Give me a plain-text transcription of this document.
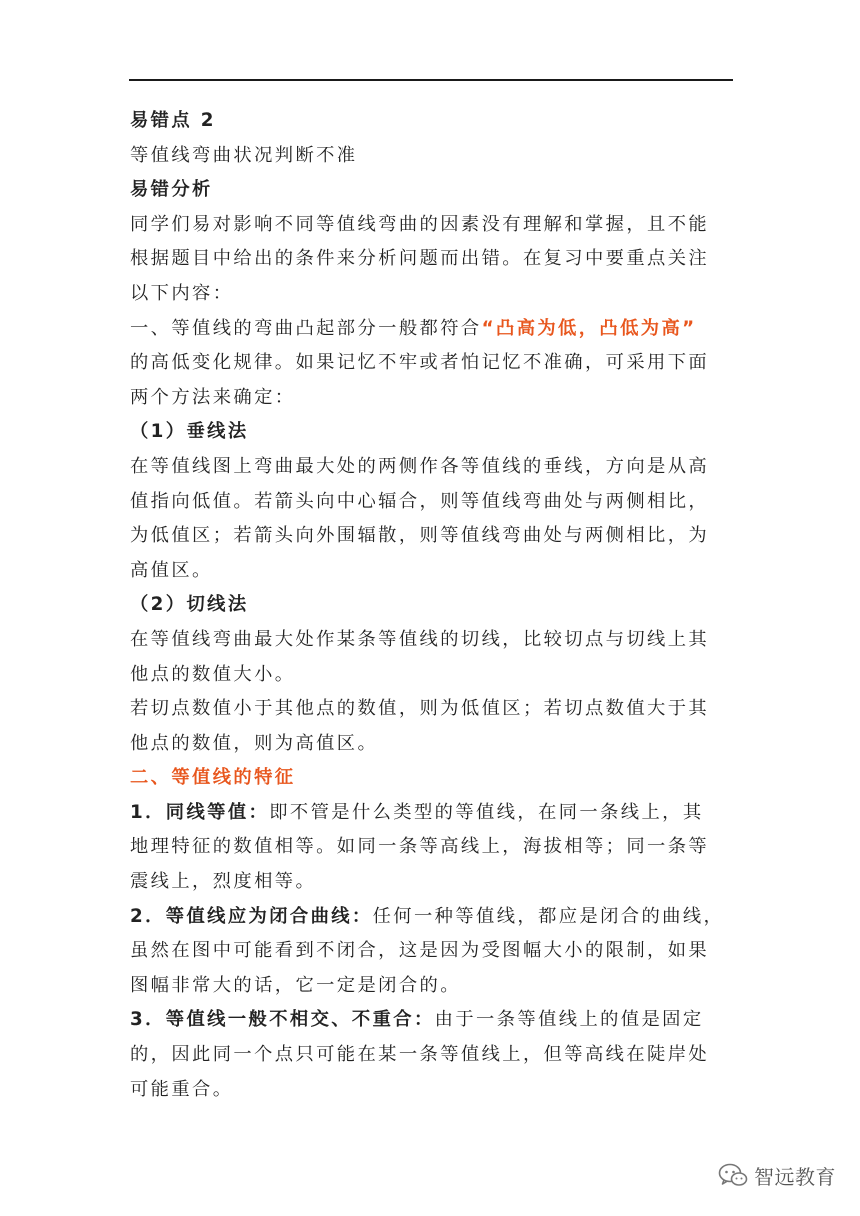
易错点 2
等值线弯曲状况判断不准
易错分析
同学们易对影响不同等值线弯曲的因素没有理解和掌握，且不能
根据题目中给出的条件来分析问题而出错。在复习中要重点关注
以下内容：
一、等值线的弯曲凸起部分一般都符合“凸高为低，凸低为高”
的高低变化规律。如果记忆不牢或者怕记忆不准确，可采用下面
两个方法来确定：
（1）垂线法
在等值线图上弯曲最大处的两侧作各等值线的垂线，方向是从高
值指向低值。若箭头向中心辐合，则等值线弯曲处与两侧相比，
为低值区；若箭头向外围辐散，则等值线弯曲处与两侧相比，为
高值区。
（2）切线法
在等值线弯曲最大处作某条等值线的切线，比较切点与切线上其
他点的数值大小。
若切点数值小于其他点的数值，则为低值区；若切点数值大于其
他点的数值，则为高值区。
二、等值线的特征
1．同线等值：即不管是什么类型的等值线，在同一条线上，其
地理特征的数值相等。如同一条等高线上，海拔相等；同一条等
震线上，烈度相等。
2．等值线应为闭合曲线：任何一种等值线，都应是闭合的曲线，
虽然在图中可能看到不闭合，这是因为受图幅大小的限制，如果
图幅非常大的话，它一定是闭合的。
3．等值线一般不相交、不重合：由于一条等值线上的值是固定
的，因此同一个点只可能在某一条等值线上，但等高线在陡岸处
可能重合。
智远教育
